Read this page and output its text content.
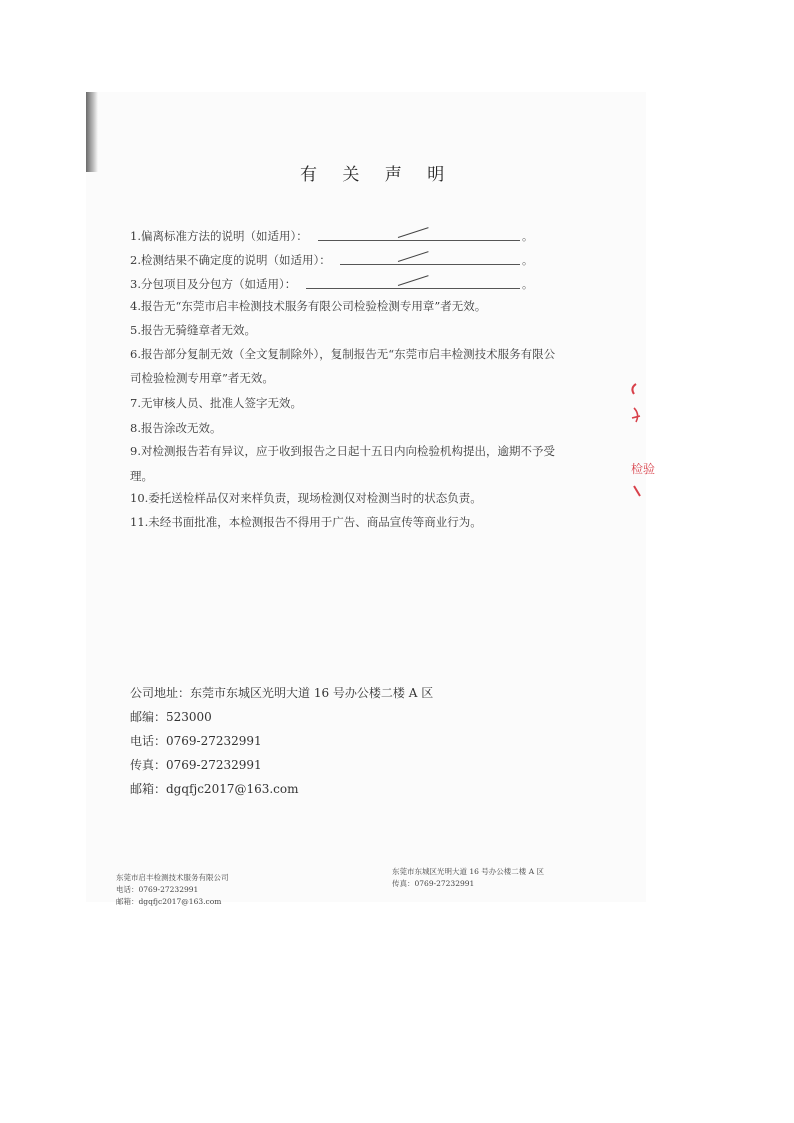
有 关 声 明
1.偏离标准方法的说明（如适用）：	。
2.检测结果不确定度的说明（如适用）：	。
3.分包项目及分包方（如适用）：	。
4.报告无“东莞市启丰检测技术服务有限公司检验检测专用章”者无效。
5.报告无骑缝章者无效。
6.报告部分复制无效（全文复制除外），复制报告无“东莞市启丰检测技术服务有限公
司检验检测专用章”者无效。
7.无审核人员、批准人签字无效。
8.报告涂改无效。
9.对检测报告若有异议，应于收到报告之日起十五日内向检验机构提出，逾期不予受
理。
10.委托送检样品仅对来样负责，现场检测仅对检测当时的状态负责。
11.未经书面批准，本检测报告不得用于广告、商品宣传等商业行为。
检验
公司地址：东莞市东城区光明大道 16 号办公楼二楼 A 区
邮编：523000
电话：0769-27232991
传真：0769-27232991
邮箱：dgqfjc2017@163.com
东莞市启丰检测技术服务有限公司
电话：0769-27232991
邮箱：dgqfjc2017@163.com
东莞市东城区光明大道 16 号办公楼二楼 A 区
传真：0769-27232991
